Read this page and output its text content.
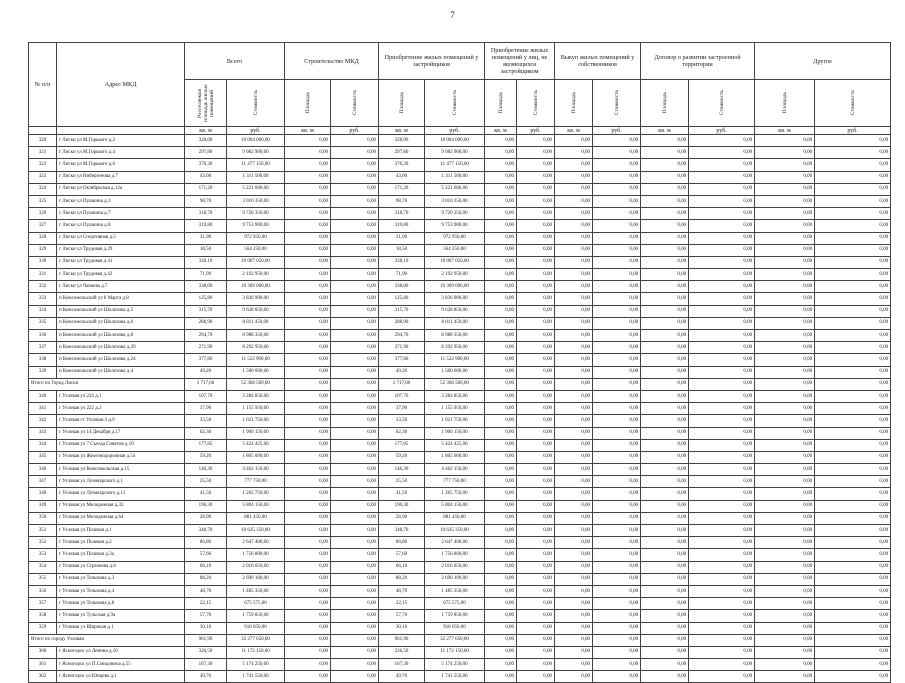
7
№ п/п	Адрес МКД	Всего		Строительство МКД		Приобретение жилых помещений у застройщиков		Приобретение жилых помещений у лиц, не являющихся застройщиком		Выкуп жилых помещений у собственников		Договор о развитии застроенной территории		Другое	

		Расселяемая площадь жилых помещений	Стоимость	Площадь	Стоимость	Площадь	Стоимость	Площадь	Стоимость	Площадь	Стоимость	Площадь	Стоимость	Площадь	Стоимость

		кв. м	руб.	кв. м	руб.	кв. м	руб.	кв. м	руб.	кв. м	руб.	кв. м	руб.	кв. м	руб.
320	г Лиски ул М.Горького д.2	328,00	10 004 000,00	0,00	0,00	328,00	10 004 000,00	0,00	0,00	0,00	0,00	0,00	0,00	0,00	0,00
321	г Лиски ул М.Горького д.4	297,80	9 082 900,00	0,00	0,00	297,80	9 082 900,00	0,00	0,00	0,00	0,00	0,00	0,00	0,00	0,00
322	г Лиски ул М.Горького д.6	376,30	11 477 150,00	0,00	0,00	376,30	11 477 150,00	0,00	0,00	0,00	0,00	0,00	0,00	0,00	0,00
323	г Лиски ул Нибергенова д.7	43,00	1 311 500,00	0,00	0,00	43,00	1 311 500,00	0,00	0,00	0,00	0,00	0,00	0,00	0,00	0,00
324	г Лиски ул Октябрьская д.12а	171,20	5 221 600,00	0,00	0,00	171,20	5 221 600,00	0,00	0,00	0,00	0,00	0,00	0,00	0,00	0,00
325	г Лиски ул Пушкина д.3	98,70	3 010 350,00	0,00	0,00	98,70	3 010 350,00	0,00	0,00	0,00	0,00	0,00	0,00	0,00	0,00
326	г Лиски ул Пушкина д.7	318,70	9 720 350,00	0,00	0,00	318,70	9 720 350,00	0,00	0,00	0,00	0,00	0,00	0,00	0,00	0,00
327	г Лиски ул Пушкина д.8	319,80	9 753 900,00	0,00	0,00	319,80	9 753 900,00	0,00	0,00	0,00	0,00	0,00	0,00	0,00	0,00
328	г Лиски ул Спортивная д.5	31,90	972 950,00	0,00	0,00	31,90	972 950,00	0,00	0,00	0,00	0,00	0,00	0,00	0,00	0,00
329	г Лиски ул Трудовая д.29	18,50	564 250,00	0,00	0,00	18,50	564 250,00	0,00	0,00	0,00	0,00	0,00	0,00	0,00	0,00
330	г Лиски ул Трудовая д.41	328,10	10 007 050,00	0,00	0,00	328,10	10 007 050,00	0,00	0,00	0,00	0,00	0,00	0,00	0,00	0,00
331	г Лиски ул Трудовая д.42	71,90	2 192 950,00	0,00	0,00	71,90	2 192 950,00	0,00	0,00	0,00	0,00	0,00	0,00	0,00	0,00
332	г Лиски ул Чапаева д.7	338,00	10 309 000,00	0,00	0,00	338,00	10 309 000,00	0,00	0,00	0,00	0,00	0,00	0,00	0,00	0,00
333	п Комсомольский ул 8 Марта д.8	125,80	3 836 900,00	0,00	0,00	125,80	3 836 900,00	0,00	0,00	0,00	0,00	0,00	0,00	0,00	0,00
334	п Комсомольский ул Шолохова д.5	315,70	9 628 850,00	0,00	0,00	315,70	9 628 850,00	0,00	0,00	0,00	0,00	0,00	0,00	0,00	0,00
335	п Комсомольский ул Шолохова д.6	288,90	8 811 450,00	0,00	0,00	288,90	8 811 450,00	0,00	0,00	0,00	0,00	0,00	0,00	0,00	0,00
336	п Комсомольский ул Шолохова д.8	294,70	8 988 350,00	0,00	0,00	294,70	8 988 350,00	0,00	0,00	0,00	0,00	0,00	0,00	0,00	0,00
337	п Комсомольский ул Шолохова д.20	271,90	8 292 950,00	0,00	0,00	271,90	8 292 950,00	0,00	0,00	0,00	0,00	0,00	0,00	0,00	0,00
338	п Комсомольский ул Шолохова д.24	377,80	11 522 900,00	0,00	0,00	377,80	11 522 900,00	0,00	0,00	0,00	0,00	0,00	0,00	0,00	0,00
339	п Комсомольский ул Шолохова д.4	49,20	1 500 600,00	0,00	0,00	49,20	1 500 600,00	0,00	0,00	0,00	0,00	0,00	0,00	0,00	0,00
Итого по Город Лиски		1 717,60	52 368 500,00	0,00	0,00	1 717,60	52 368 500,00	0,00	0,00	0,00	0,00	0,00	0,00	0,00	0,00
340	г Узловая ул 222 д.1	107,70	3 284 850,00	0,00	0,00	107,70	3 284 850,00	0,00	0,00	0,00	0,00	0,00	0,00	0,00	0,00
341	г Узловая ул 222 д.2	37,90	1 155 950,00	0,00	0,00	37,90	1 155 950,00	0,00	0,00	0,00	0,00	0,00	0,00	0,00	0,00
342	г Узловая ст Узловая-3 д.9	33,50	1 021 750,00	0,00	0,00	33,50	1 021 750,00	0,00	0,00	0,00	0,00	0,00	0,00	0,00	0,00
343	г Узловая ул 14 Декабря д.17	62,30	1 900 150,00	0,00	0,00	62,30	1 900 150,00	0,00	0,00	0,00	0,00	0,00	0,00	0,00	0,00
344	г Узловая ул 7 Съезда Советов д.10	177,85	5 424 425,00	0,00	0,00	177,85	5 424 425,00	0,00	0,00	0,00	0,00	0,00	0,00	0,00	0,00
345	г Узловая ул Железнодорожная д.54	59,20	1 805 600,00	0,00	0,00	59,20	1 805 600,00	0,00	0,00	0,00	0,00	0,00	0,00	0,00	0,00
346	г Узловая ул Комсомольская д.15	146,30	4 462 150,00	0,00	0,00	146,30	4 462 150,00	0,00	0,00	0,00	0,00	0,00	0,00	0,00	0,00
347	г Узловая ул Луначарского д.1	25,50	777 750,00	0,00	0,00	25,50	777 750,00	0,00	0,00	0,00	0,00	0,00	0,00	0,00	0,00
348	г Узловая ул Луначарского д.11	41,50	1 265 750,00	0,00	0,00	41,50	1 265 750,00	0,00	0,00	0,00	0,00	0,00	0,00	0,00	0,00
349	г Узловая ул Молодежная д.32	190,30	5 804 150,00	0,00	0,00	190,30	5 804 150,00	0,00	0,00	0,00	0,00	0,00	0,00	0,00	0,00
350	г Узловая ул Молодежная д.64	28,90	881 450,00	0,00	0,00	28,90	881 450,00	0,00	0,00	0,00	0,00	0,00	0,00	0,00	0,00
351	г Узловая ул Полевая д.1	348,70	10 635 350,00	0,00	0,00	348,70	10 635 350,00	0,00	0,00	0,00	0,00	0,00	0,00	0,00	0,00
352	г Узловая ул Полевая д.2	86,80	2 647 400,00	0,00	0,00	86,80	2 647 400,00	0,00	0,00	0,00	0,00	0,00	0,00	0,00	0,00
353	г Узловая ул Полевая д.3а	57,60	1 756 800,00	0,00	0,00	57,60	1 756 800,00	0,00	0,00	0,00	0,00	0,00	0,00	0,00	0,00
354	г Узловая ул Стрелкова д.6	66,10	2 016 050,00	0,00	0,00	66,10	2 016 050,00	0,00	0,00	0,00	0,00	0,00	0,00	0,00	0,00
355	г Узловая ул Тельмана д.3	88,20	2 690 100,00	0,00	0,00	88,20	2 690 100,00	0,00	0,00	0,00	0,00	0,00	0,00	0,00	0,00
356	г Узловая ул Тельмана д.4	48,70	1 485 350,00	0,00	0,00	48,70	1 485 350,00	0,00	0,00	0,00	0,00	0,00	0,00	0,00	0,00
357	г Узловая ул Тельмана д.8	22,15	675 575,00	0,00	0,00	22,15	675 575,00	0,00	0,00	0,00	0,00	0,00	0,00	0,00	0,00
358	г Узловая ул Тульская д.9а	57,70	1 759 850,00	0,00	0,00	57,70	1 759 850,00	0,00	0,00	0,00	0,00	0,00	0,00	0,00	0,00
359	г Узловая ул Широкая д.1	30,10	918 050,00	0,00	0,00	30,10	918 050,00	0,00	0,00	0,00	0,00	0,00	0,00	0,00	0,00
Итого по городу Узловая		961,90	32 277 650,00	0,00	0,00	961,90	32 277 650,00	0,00	0,00	0,00	0,00	0,00	0,00	0,00	0,00
360	г Ясногорск ул Ленина д.10	326,50	11 172 150,00	0,00	0,00	326,50	11 172 150,00	0,00	0,00	0,00	0,00	0,00	0,00	0,00	0,00
361	г Ясногорск ул П.Смидовича д.55	167,30	5 174 250,00	0,00	0,00	167,30	5 174 250,00	0,00	0,00	0,00	0,00	0,00	0,00	0,00	0,00
362	г Ясногорск ул Юнцева д.1	49,70	1 741 550,00	0,00	0,00	49,70	1 741 550,00	0,00	0,00	0,00	0,00	0,00	0,00	0,00	0,00
